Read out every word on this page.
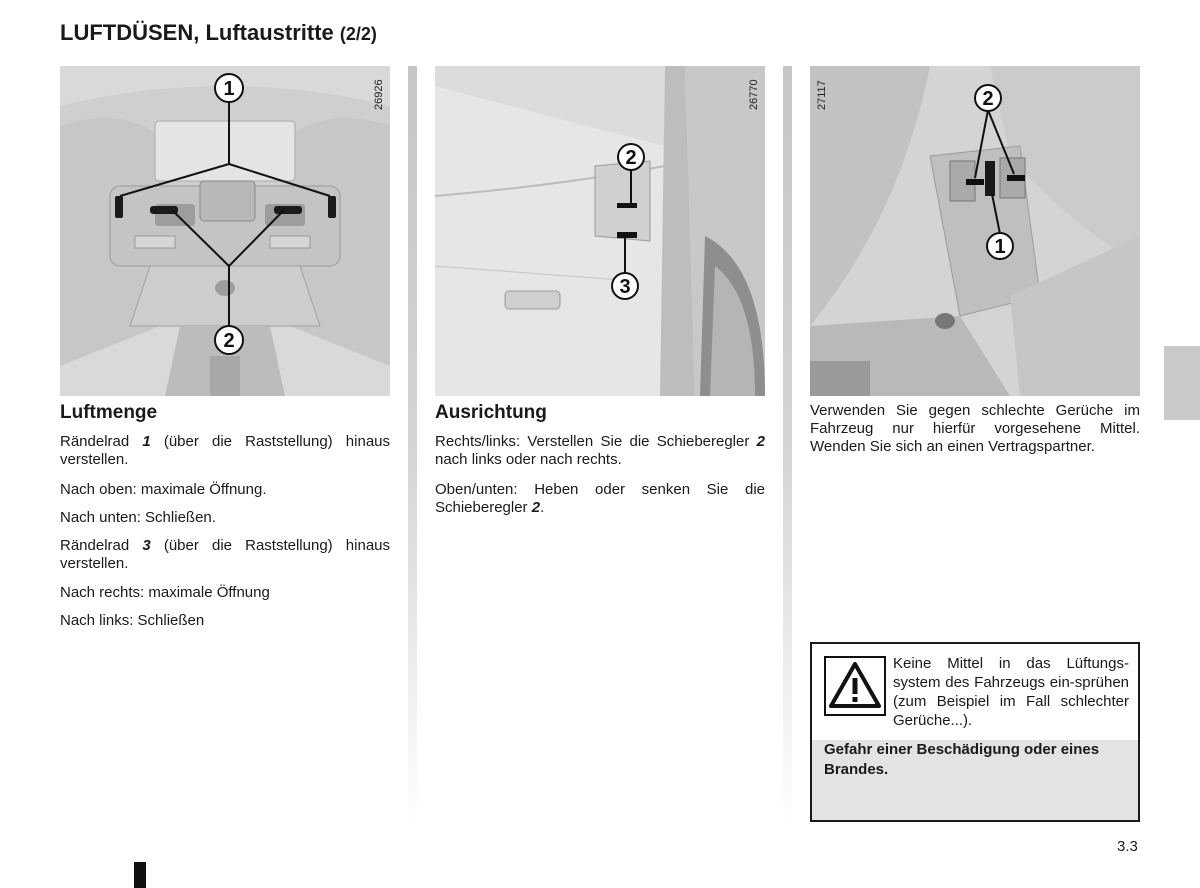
LUFTDÜSEN, Luftaustritte (2/2)
1
2
26926
2
3
26770	2
1
27117
Luftmenge
Rändelrad 1 (über die Raststellung) hinaus verstellen.
Nach oben: maximale Öffnung.
Nach unten: Schließen.
Rändelrad 3 (über die Raststellung) hinaus verstellen.
Nach rechts: maximale Öffnung
Nach links: Schließen
Ausrichtung
Rechts/links: Verstellen Sie die Schieberegler 2 nach links oder nach rechts.
Oben/unten: Heben oder senken Sie die Schieberegler 2.
Verwenden Sie gegen schlechte Gerüche im Fahrzeug nur hierfür vorgesehene Mittel. Wenden Sie sich an einen Vertragspartner.
Keine Mittel in das Lüftungs-system des Fahrzeugs ein-sprühen (zum Beispiel im Fall schlechter Gerüche...).
Gefahr einer Beschädigung oder eines Brandes.
3.3
